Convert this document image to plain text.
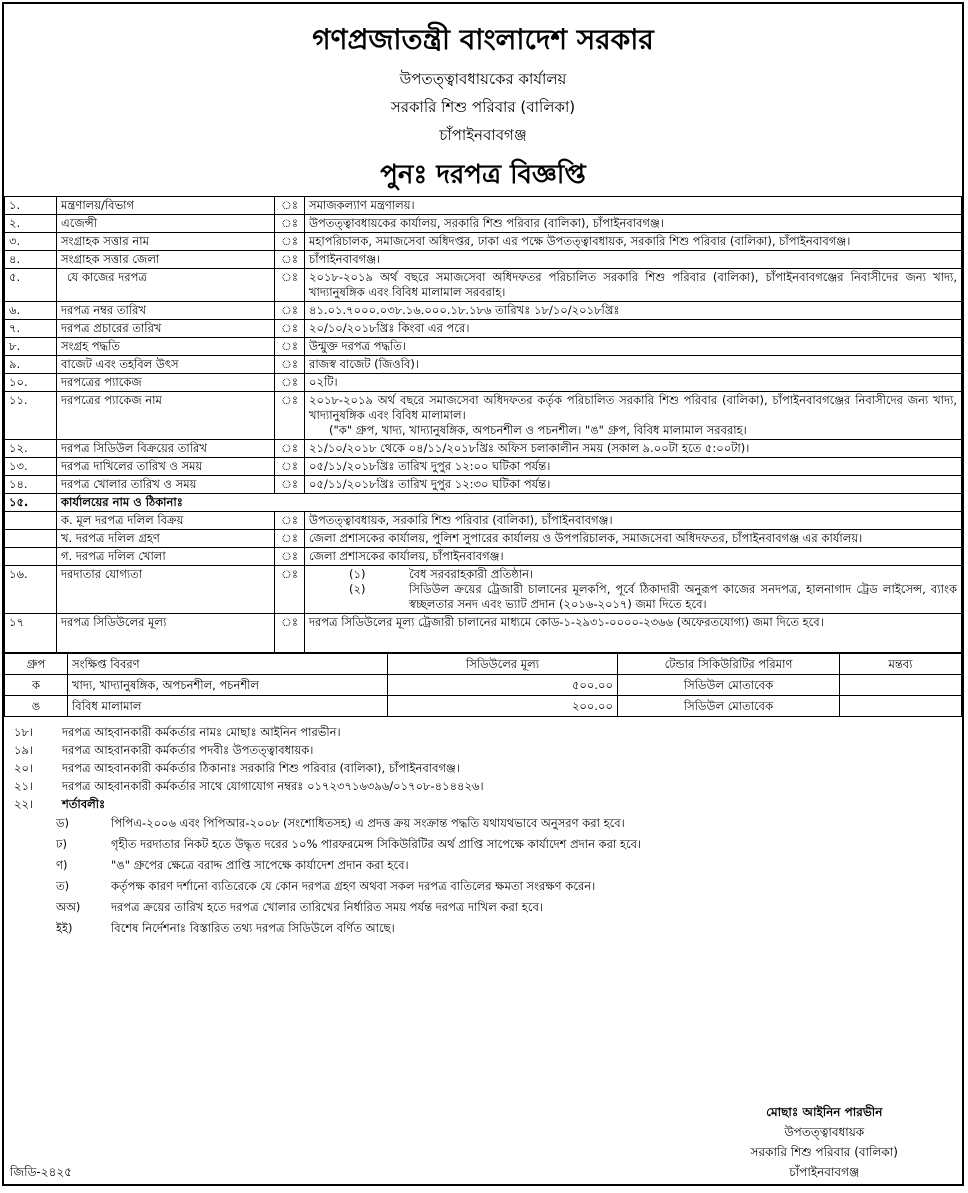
গণপ্রজাতন্ত্রী বাংলাদেশ সরকার
উপতত্ত্বাবধায়কের কার্যালয়
সরকারি শিশু পরিবার (বালিকা)
চাঁপাইনবাবগঞ্জ
পুনঃ দরপত্র বিজ্ঞপ্তি
১.	মন্ত্রণালয়/বিভাগ	ঃ	সমাজকল্যাণ মন্ত্রণালয়।

২.	এজেন্সী	ঃ	উপতত্ত্বাবধায়কের কার্যালয়, সরকারি শিশু পরিবার (বালিকা), চাঁপাইনবাবগঞ্জ।

৩.	সংগ্রাহক সত্তার নাম	ঃ	মহাপরিচালক, সমাজসেবা অধিদপ্তর, ঢাকা এর পক্ষে উপতত্ত্বাবধায়ক, সরকারি শিশু পরিবার (বালিকা), চাঁপাইনবাবগঞ্জ।

৪.	সংগ্রাহক সত্তার জেলা	ঃ	চাঁপাইনবাবগঞ্জ।

৫.	যে কাজের দরপত্র	ঃ	২০১৮-২০১৯ অর্থ বছরে সমাজসেবা অধিদফতর পরিচালিত সরকারি শিশু পরিবার (বালিকা), চাঁপাইনবাবগঞ্জের নিবাসীদের জন্য খাদ্য, খাদ্যানুষঙ্গিক এবং বিবিধ মালামাল সরবরাহ।

৬.	দরপত্র নম্বর তারিখ	ঃ	৪১.০১.৭০০০.০৩৮.১৬.০০০.১৮.১৮৬ তারিখঃ ১৮/১০/২০১৮খ্রিঃ

৭.	দরপত্র প্রচারের তারিখ	ঃ	২০/১০/২০১৮খ্রিঃ কিংবা এর পরে।

৮.	সংগ্রহ পদ্ধতি	ঃ	উন্মুক্ত দরপত্র পদ্ধতি।

৯.	বাজেট এবং তহবিল উৎস	ঃ	রাজস্ব বাজেট (জিওবি)।

১০.	দরপত্রের প্যাকেজ	ঃ	০২টি।

১১.	দরপত্রের প্যাকেজ নাম	ঃ	২০১৮-২০১৯ অর্থ বছরে সমাজসেবা অধিদফতর কর্তৃক পরিচালিত সরকারি শিশু পরিবার (বালিকা), চাঁপাইনবাবগঞ্জের নিবাসীদের জন্য খাদ্য, খাদ্যানুষঙ্গিক এবং বিবিধ মালামাল।
("ক" গ্রুপ, খাদ্য, খাদ্যানুষঙ্গিক, অপচনশীল ও পচনশীল। "ঙ" গ্রুপ, বিবিধ মালামাল সরবরাহ।

১২.	দরপত্র সিডিউল বিক্রয়ের তারিখ	ঃ	২১/১০/২০১৮ থেকে ০৪/১১/২০১৮খ্রিঃ অফিস চলাকালীন সময় (সকাল ৯.০০টা হতে ৫:০০টা)।

১৩.	দরপত্র দাখিলের তারিখ ও সময়	ঃ	০৫/১১/২০১৮খ্রিঃ তারিখ দুপুর ১২:০০ ঘটিকা পর্যন্ত।

১৪.	দরপত্র খোলার তারিখ ও সময়	ঃ	০৫/১১/২০১৮খ্রিঃ তারিখ দুপুর ১২:৩০ ঘটিকা পর্যন্ত।

১৫.	কার্যালয়ের নাম ও ঠিকানাঃ		
	ক. মূল দরপত্র দলিল বিক্রয়	ঃ	উপতত্ত্বাবধায়ক, সরকারি শিশু পরিবার (বালিকা), চাঁপাইনবাবগঞ্জ।
	খ. দরপত্র দলিল গ্রহণ	ঃ	জেলা প্রশাসকের কার্যালয়, পুলিশ সুপারের কার্যালয় ও উপপরিচালক, সমাজসেবা অধিদফতর, চাঁপাইনবাবগঞ্জ এর কার্যালয়।
	গ. দরপত্র দলিল খোলা	ঃ	জেলা প্রশাসকের কার্যালয়, চাঁপাইনবাবগঞ্জ।
১৬.	দরদাতার যোগ্যতা	ঃ	(১) বৈধ সরবরাহকারী প্রতিষ্ঠান।
(২) সিডিউল ক্রয়ের ট্রেজারী চালানের মূলকপি, পূর্বে ঠিকাদারী অনুরূপ কাজের সনদপত্র, হালনাগাদ ট্রেড লাইসেন্স, ব্যাংক স্বচ্ছলতার সনদ এবং ভ্যাট প্রদান (২০১৬-২০১৭) জমা দিতে হবে।

১৭	দরপত্র সিডিউলের মূল্য	ঃ	দরপত্র সিডিউলের মূল্য ট্রেজারী চালানের মাধ্যমে কোড-১-২৯৩১-০০০০-২৩৬৬ (অফেরতযোগ্য) জমা দিতে হবে।
গ্রুপ	সংক্ষিপ্ত বিবরণ	সিডিউলের মূল্য	টেন্ডার সিকিউরিটির পরিমাণ	মন্তব্য
ক	খাদ্য, খাদ্যানুষঙ্গিক, অপচনশীল, পচনশীল	৫০০.০০	সিডিউল মোতাবেক	
ঙ	বিবিধ মালামাল	২০০.০০	সিডিউল মোতাবেক	
১৮।	দরপত্র আহবানকারী কর্মকর্তার নামঃ মোছাঃ আইনিন পারভীন।
১৯।	দরপত্র আহবানকারী কর্মকর্তার পদবীঃ উপতত্ত্বাবধায়ক।
২০।	দরপত্র আহবানকারী কর্মকর্তার ঠিকানাঃ সরকারি শিশু পরিবার (বালিকা), চাঁপাইনবাবগঞ্জ।
২১।	দরপত্র আহবানকারী কর্মকর্তার সাথে যোগাযোগ নম্বরঃ ০১৭২৩৭১৬৩৯৬/০১৭০৮-৪১৪৪২৬।
২২।	শর্তাবলীঃ
ড)	পিপিএ-২০০৬ এবং পিপিআর-২০০৮ (সংশোধিতসহ) এ প্রদত্ত ক্রয় সংক্রান্ত পদ্ধতি যথাযথভাবে অনুসরণ করা হবে।
ঢ)	গৃহীত দরদাতার নিকট হতে উদ্ধৃত দরের ১০% পারফরমেন্স সিকিউরিটির অর্থ প্রাপ্তি সাপেক্ষে কার্যাদেশ প্রদান করা হবে।
ণ)	"ঙ" গ্রুপের ক্ষেত্রে বরাদ্দ প্রাপ্তি সাপেক্ষে কার্যাদেশ প্রদান করা হবে।
ত)	কর্তৃপক্ষ কারণ দর্শানো ব্যতিরেকে যে কোন দরপত্র গ্রহণ অথবা সকল দরপত্র বাতিলের ক্ষমতা সংরক্ষণ করেন।
অঅ)	দরপত্র ক্রয়ের তারিখ হতে দরপত্র খোলার তারিখের নির্ধারিত সময় পর্যন্ত দরপত্র দাখিল করা হবে।
ইই)	বিশেষ নির্দেশনাঃ বিস্তারিত তথ্য দরপত্র সিডিউলে বর্ণিত আছে।
মোছাঃ আইনিন পারভীন
উপতত্ত্বাবধায়ক
সরকারি শিশু পরিবার (বালিকা)
চাঁপাইনবাবগঞ্জ
জিডি-২৪২৫
